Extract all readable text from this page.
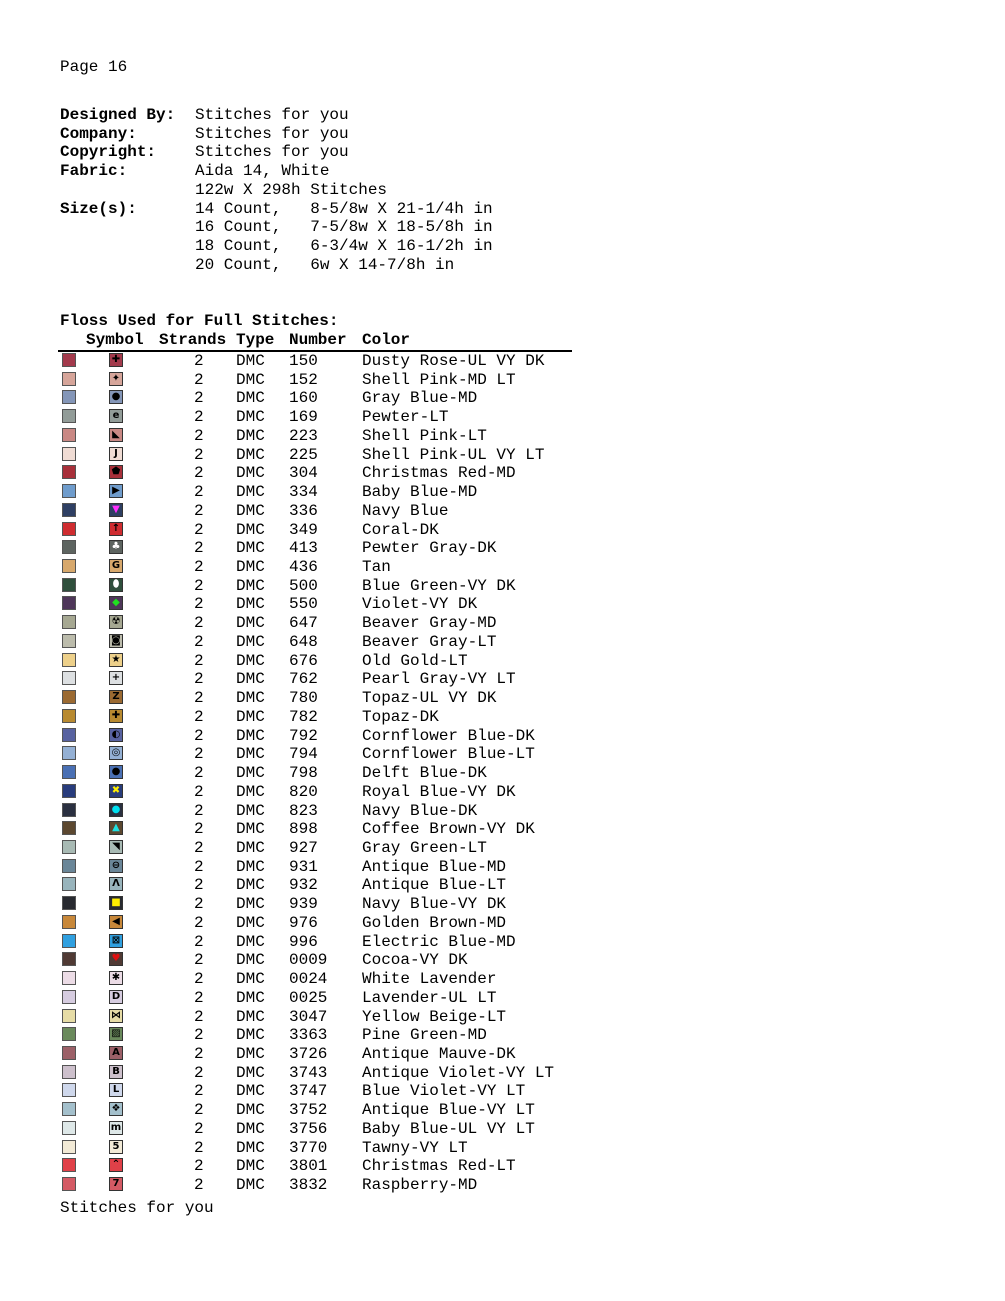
Page 16
Designed By: Stitches for you
Company:	Stitches for you
Copyright: Stitches for you
Fabric:	Aida 14, White
122w X 298h Stitches
Size(s):	14 Count,   8-5/8w X 21-1/4h in
16 Count,   7-5/8w X 18-5/8h in
18 Count,   6-3/4w X 16-1/2h in
20 Count,   6w X 14-7/8h in
Floss Used for Full Stitches:
Symbol Strands Type Number Color
✚	2 DMC 150	Dusty Rose-UL VY DK
✦	2 DMC 152	Shell Pink-MD LT
●	2 DMC 160	Gray Blue-MD
e	2 DMC 169	Pewter-LT
◣	2 DMC 223	Shell Pink-LT
J	2 DMC 225	Shell Pink-UL VY LT
⬟	2 DMC 304	Christmas Red-MD
▶	2 DMC 334	Baby Blue-MD
▼	2 DMC 336	Navy Blue
↑	2 DMC 349	Coral-DK
♣	2 DMC 413	Pewter Gray-DK
G	2 DMC 436	Tan
⬮	2 DMC 500	Blue Green-VY DK
◆	2 DMC 550	Violet-VY DK
☢	2 DMC 647	Beaver Gray-MD
◙	2 DMC 648	Beaver Gray-LT
★	2 DMC 676	Old Gold-LT
+	2 DMC 762	Pearl Gray-VY LT
Z	2 DMC 780	Topaz-UL VY DK
✚	2 DMC 782	Topaz-DK
◐	2 DMC 792	Cornflower Blue-DK
◎	2 DMC 794	Cornflower Blue-LT
●	2 DMC 798	Delft Blue-DK
✖	2 DMC 820	Royal Blue-VY DK
●	2 DMC 823	Navy Blue-DK
▲	2 DMC 898	Coffee Brown-VY DK
◥	2 DMC 927	Gray Green-LT
⊖	2 DMC 931	Antique Blue-MD
Λ	2 DMC 932	Antique Blue-LT
■	2 DMC 939	Navy Blue-VY DK
◀	2 DMC 976	Golden Brown-MD
⊠	2 DMC 996	Electric Blue-MD
♥	2 DMC 0009 Cocoa-VY DK
✱	2 DMC 0024 White Lavender
D	2 DMC 0025 Lavender-UL LT
⋈	2 DMC 3047 Yellow Beige-LT
▨	2 DMC 3363 Pine Green-MD
A	2 DMC 3726 Antique Mauve-DK
B	2 DMC 3743 Antique Violet-VY LT
L	2 DMC 3747 Blue Violet-VY LT
❖	2 DMC 3752 Antique Blue-VY LT
m	2 DMC 3756 Baby Blue-UL VY LT
5	2 DMC 3770 Tawny-VY LT
⌃	2 DMC 3801 Christmas Red-LT
7	2 DMC 3832 Raspberry-MD
Stitches for you
